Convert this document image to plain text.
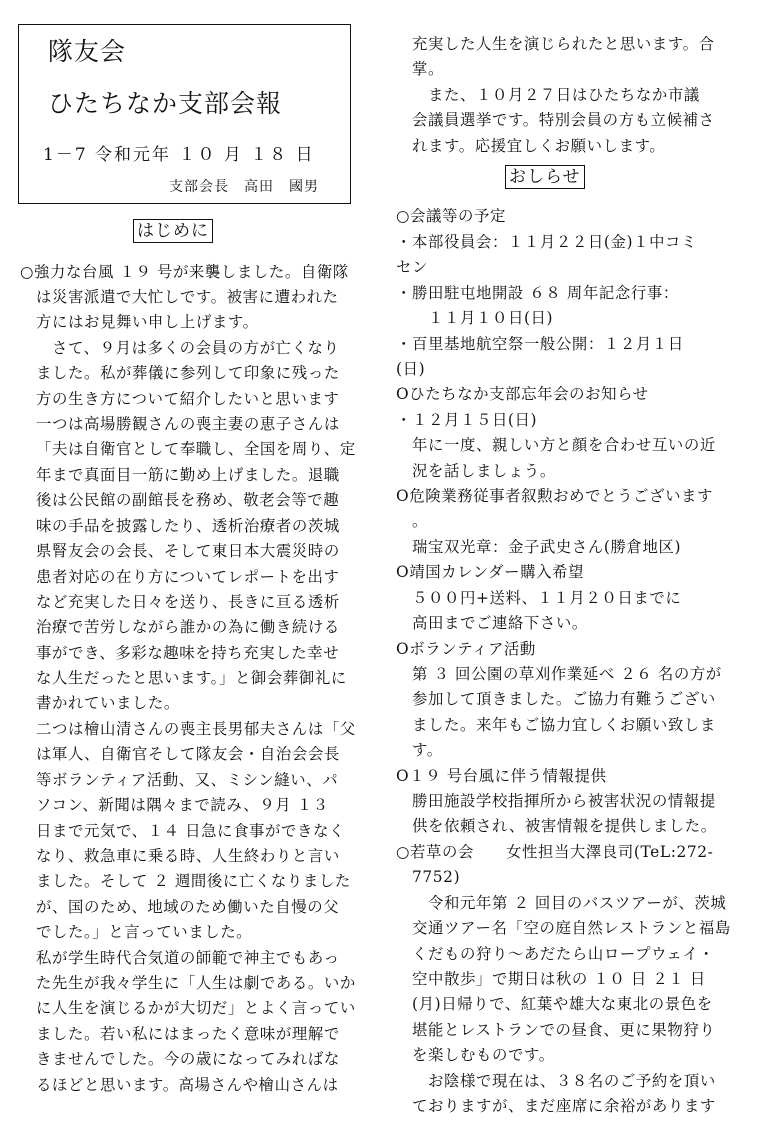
隊友会
ひたちなか支部会報
1－7 令和元年 １０ 月 １８ 日
支部会長　高田　國男
はじめに

○強力な台風 １９ 号が来襲しました。自衛隊

は災害派遣で大忙しです。被害に遭われた

方にはお見舞い申し上げます。

さて、９月は多くの会員の方が亡くなり

ました。私が葬儀に参列して印象に残った

方の生き方について紹介したいと思います

一つは高場勝観さんの喪主妻の恵子さんは

「夫は自衛官として奉職し、全国を周り、定

年まで真面目一筋に勤め上げました。退職

後は公民館の副館長を務め、敬老会等で趣

味の手品を披露したり、透析治療者の茨城

県腎友会の会長、そして東日本大震災時の

患者対応の在り方についてレポートを出す

など充実した日々を送り、長きに亘る透析

治療で苦労しながら誰かの為に働き続ける

事ができ、多彩な趣味を持ち充実した幸せ

な人生だったと思います。」と御会葬御礼に

書かれていました。

二つは檜山清さんの喪主長男郁夫さんは「父

は軍人、自衛官そして隊友会・自治会会長

等ボランティア活動、又、ミシン縫い、パ

ソコン、新聞は隅々まで読み、９月 １３

日まで元気で、１４ 日急に食事ができなく

なり、救急車に乗る時、人生終わりと言い

ました。そして ２ 週間後に亡くなりました

が、国のため、地域のため働いた自慢の父

でした。」と言っていました。

私が学生時代合気道の師範で神主でもあっ

た先生が我々学生に「人生は劇である。いか

に人生を演じるかが大切だ」とよく言ってい

ました。若い私にはまったく意味が理解で

きませんでした。今の歳になってみればな

るほどと思います。高場さんや檜山さんは

充実した人生を演じられたと思います。合

掌。

また、１０月２７日はひたちなか市議

会議員選挙です。特別会員の方も立候補さ

れます。応援宜しくお願いします。

おしらせ

○会議等の予定

・本部役員会：１１月２２日(金)１中コミ

セン

・勝田駐屯地開設 ６８ 周年記念行事：

１１月１０日(日)

・百里基地航空祭一般公開：１２月１日

(日)

Oひたちなか支部忘年会のお知らせ

・１２月１５日(日)

年に一度、親しい方と顔を合わせ互いの近

況を話しましょう。

O危険業務従事者叙勲おめでとうございます

。

瑞宝双光章：金子武史さん(勝倉地区)

O靖国カレンダー購入希望

５００円+送料、１１月２０日までに

高田までご連絡下さい。

Oボランティア活動

第 ３ 回公園の草刈作業延べ ２６ 名の方が

参加して頂きました。ご協力有難うござい

ました。来年もご協力宜しくお願い致しま

す。

O１９ 号台風に伴う情報提供

勝田施設学校指揮所から被害状況の情報提

供を依頼され、被害情報を提供しました。

○若草の会　　女性担当大澤良司(TeL:272-

7752)

令和元年第 ２ 回目のバスツアーが、茨城

交通ツアー名「空の庭自然レストランと福島

くだもの狩り～あだたら山ロープウェイ・

空中散歩」で期日は秋の １０ 日 ２１ 日

(月)日帰りで、紅葉や雄大な東北の景色を

堪能とレストランでの昼食、更に果物狩り

を楽しむものです。

お陰様で現在は、３８名のご予約を頂い

ておりますが、まだ座席に余裕があります
